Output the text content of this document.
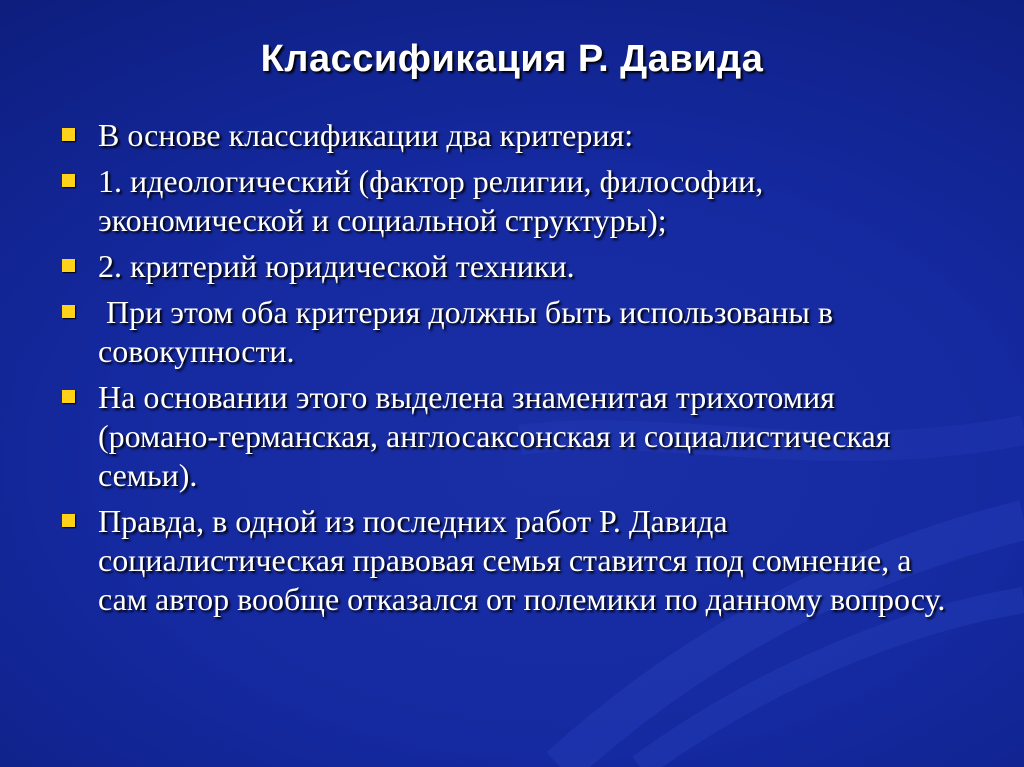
Классификация Р. Давида
В основе классификации два критерия:
1. идеологический (фактор религии, философии, экономической и социальной структуры);
2. критерий юридической техники.
При этом оба критерия должны быть использованы в совокупности.
На основании этого выделена знаменитая трихотомия (романо-германская, англосаксонская и социалистическая семьи).
Правда, в одной из последних работ Р. Давида социалистическая правовая семья ставится под сомнение, а сам автор вообще отказался от полемики по данному вопросу.
